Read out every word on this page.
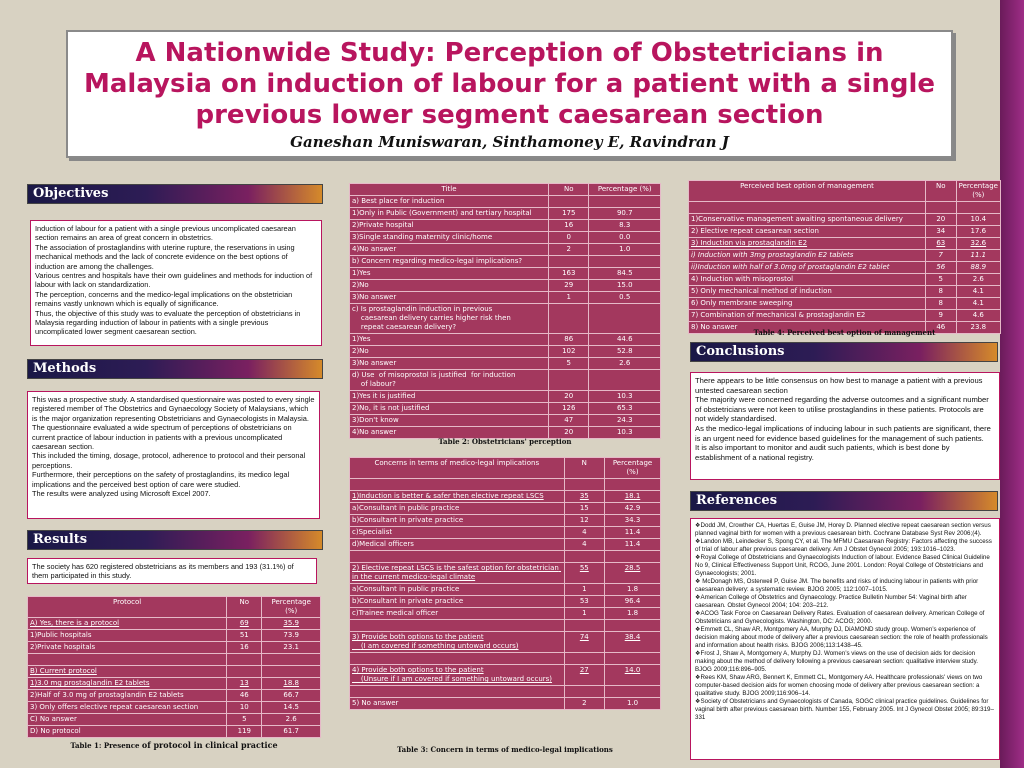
A Nationwide Study: Perception of Obstetricians in Malaysia on induction of labour for a patient with a single previous lower segment caesarean section
Ganeshan Muniswaran, Sinthamoney E, Ravindran J
Objectives

Induction of labour for a patient with a single previous uncomplicated caesarean section remains an area of great concern in obstetrics.

The association of prostaglandins with uterine rupture, the reservations in using mechanical methods and the lack of concrete evidence on the best options of induction are among the challenges.

Various centres and hospitals have their own guidelines and methods for induction of labour with lack on standardization.

The perception, concerns and the medico-legal implications on the obstetrician remains vastly unknown which is equally of significance.

Thus, the objective of this study was to evaluate the perception of obstetricians in Malaysia regarding induction of labour in patients with a single previous uncomplicated lower segment caesarean section.

Methods

This was a prospective study. A standardised questionnaire was posted to every single registered member of The Obstetrics and Gynaecology Society of Malaysians, which is the major organization representing Obstetricians and Gynaecologists in Malaysia.

The questionnaire evaluated a wide spectrum of perceptions of obstetricians on current practice of labour induction in patients with a previous uncomplicated caesarean section.

This included the timing, dosage, protocol, adherence to protocol and their personal perceptions.

Furthermore, their perceptions on the safety of prostaglandins, its medico legal implications and the perceived best option of care were studied.

The results were analyzed using Microsoft Excel 2007.

Results
The society has 620 registered obstetricians as its members and 193 (31.1%) of them participated in this study.
Protocol	No	Percentage (%)

A) Yes, there is a protocol	69	35.9

1)Public hospitals	51	73.9

2)Private hospitals	16	23.1

B) Current protocol		

1)3.0 mg prostaglandin E2 tablets	13	18.8

2)Half of 3.0 mg of prostaglandin E2 tablets	46	66.7

3) Only offers elective repeat caesarean section	10	14.5

C) No answer	5	2.6

D) No protocol	119	61.7
Table 1: Presence of protocol in clinical practice
Title	No	Percentage (%)

a) Best place for induction		

1)Only in Public (Government) and tertiary hospital	175	90.7

2)Private hospital	16	8.3

3)Single standing maternity clinic/home	0	0.0

4)No answer	2	1.0

b) Concern regarding medico-legal implications?		

1)Yes	163	84.5

2)No	29	15.0

3)No answer	1	0.5

c) Is prostaglandin induction in previous
caesarean delivery carries higher risk then
repeat caesarean delivery?		

1)Yes	86	44.6

2)No	102	52.8

3)No answer	5	2.6

d) Use  of misoprostol is justified  for induction
of labour?		

1)Yes it is justified	20	10.3

2)No, it is not justified	126	65.3

3)Don't know	47	24.3

4)No answer	20	10.3
Table 2: Obstetricians' perception
Concerns in terms of medico-legal implications	N	Percentage (%)

1)Induction is better & safer then elective repeat LSCS	35	18.1

a)Consultant in public practice	15	42.9

b)Consultant in private practice	12	34.3

c)Specialist	4	11.4

d)Medical officers	4	11.4

2) Elective repeat LSCS is the safest option for obstetrician in the current medico-legal climate	55	28.5

a)Consultant in public practice	1	1.8

b)Consultant in private practice	53	96.4

c)Trainee medical officer	1	1.8

3) Provide both options to the patient
(I am covered if something untoward occurs)	74	38.4

4) Provide both options to the patient
(Unsure if I am covered if something untoward occurs)	27	14.0

5) No answer	2	1.0
Table 3: Concern in terms of medico-legal implications
Perceived best option of management	No	Percentage (%)

1)Conservative management awaiting spontaneous delivery	20	10.4

2) Elective repeat caesarean section	34	17.6

3) Induction via prostaglandin E2	63	32.6

i) Induction with 3mg prostaglandin E2 tablets	7	11.1

ii)Induction with half of 3.0mg of prostaglandin E2 tablet	56	88.9

4) Induction with misoprostol	5	2.6

5) Only mechanical method of induction	8	4.1

6) Only membrane sweeping	8	4.1

7) Combination of mechanical & prostaglandin E2	9	4.6

8) No answer	46	23.8
Table 4: Perceived best option of management
Conclusions

There appears to be little consensus on how best to manage a patient with a previous untested caesarean section

The majority were concerned regarding the adverse outcomes and a significant number of obstetricians were not keen to utilise prostaglandins in these patients. Protocols are not widely standardised.

As the medico-legal implications of inducing labour in such patients are significant, there is an urgent need for evidence based guidelines for the management of such patients.

It is also important to monitor and audit such patients, which is best done by establishment of a national registry.

References
❖Dodd JM, Crowther CA, Huertas E, Guise JM, Horey D. Planned elective repeat caesarean section versus planned vaginal birth for women with a previous caesarean birth. Cochrane Database Syst Rev 2006;(4).
❖Landon MB, Leindecker S, Spong CY, et al. The MFMU Caesarean Registry: Factors affecting the success of trial of labour after previous caesarean delivery. Am J Obstet Gynecol 2005; 193:1016–1023.
❖Royal College of Obstetricians and Gynaecologists Induction of labour. Evidence Based Clinical Guideline No 9, Clinical Effectiveness Support Unit, RCOG, June 2001. London: Royal College of Obstetricians and Gynaecologists; 2001.
❖ McDonagh MS, Osterweil P, Guise JM. The benefits and risks of inducing labour in patients with prior caesarean delivery: a systematic review. BJOG 2005; 112:1007–1015.
❖American College of Obstetrics and Gynaecology. Practice Bulletin Number 54: Vaginal birth after caesarean. Obstet Gynecol 2004; 104: 203–212.
❖ACOG Task Force on Caesarean Delivery Rates. Evaluation of caesarean delivery. American College of Obstetricians and Gynecologists. Washington, DC: ACOG; 2000.
❖Emmett CL, Shaw AR, Montgomery AA, Murphy DJ, DiAMOND study group. Women’s experience of decision making about mode of delivery after a previous caesarean section: the role of health professionals and information about health risks. BJOG 2006;113:1438–45.
❖Frost J, Shaw A, Montgomery A, Murphy DJ. Women’s views on the use of decision aids for decision making about the method of delivery following a previous caesarean section: qualitative interview study. BJOG 2009;116:896–905.
❖Rees KM, Shaw ARG, Bennert K, Emmett CL, Montgomery AA. Healthcare professionals' views on two computer-based decision aids for women choosing mode of delivery after previous caesarean section: a qualitative study. BJOG 2009;116:906–14.
❖Society of Obstetricians and Gynaecologists of Canada, SOGC clinical practice guidelines. Guidelines for vaginal birth after previous caesarean birth. Number 155, February 2005. Int J Gynecol Obstet 2005; 89:319–331
